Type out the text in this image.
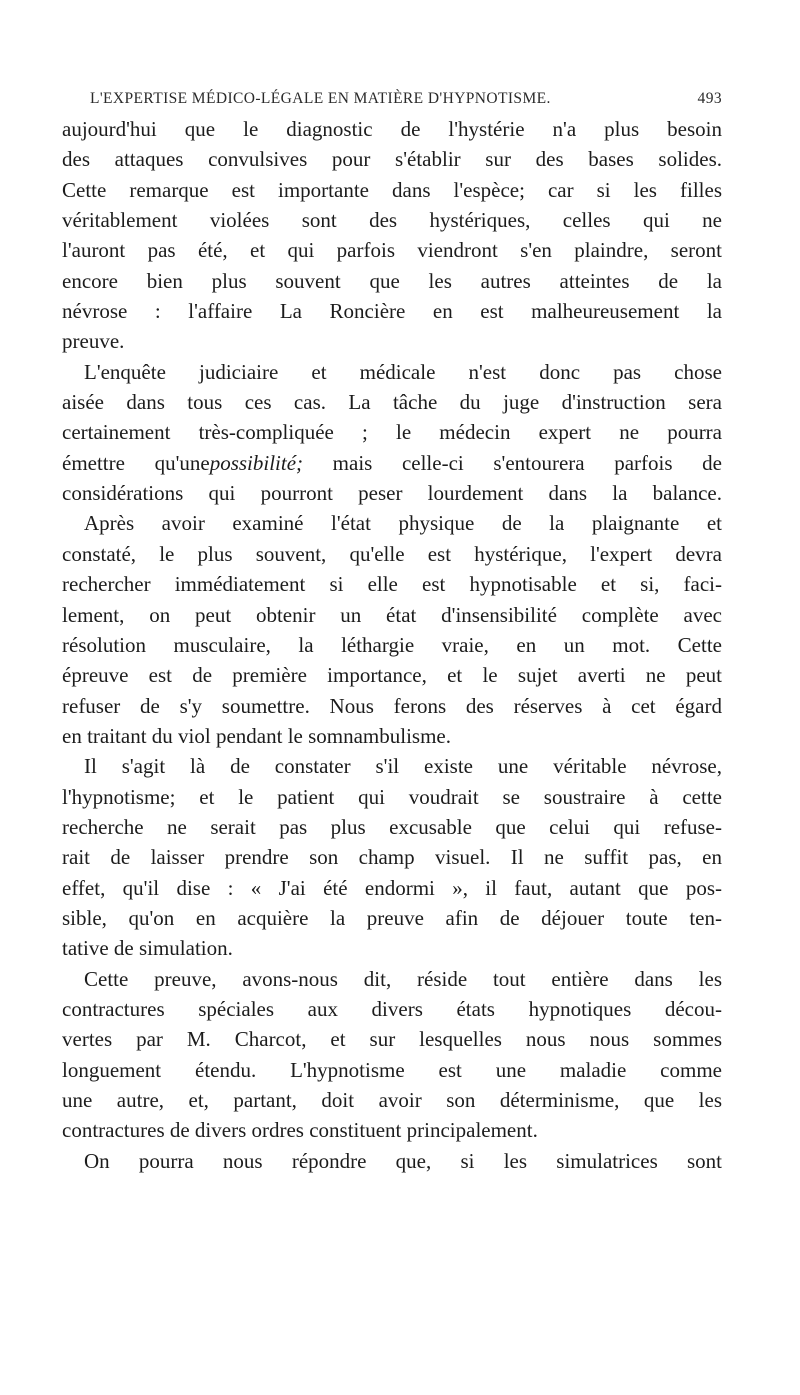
L'EXPERTISE MÉDICO-LÉGALE EN MATIÈRE D'HYPNOTISME.	493
aujourd'hui que le diagnostic de l'hystérie n'a plus besoin
des attaques convulsives pour s'établir sur des bases solides.
Cette remarque est importante dans l'espèce; car si les filles
véritablement violées sont des hystériques, celles qui ne
l'auront pas été, et qui parfois viendront s'en plaindre, seront
encore bien plus souvent que les autres atteintes de la
névrose : l'affaire La Roncière en est malheureusement la
preuve.
L'enquête judiciaire et médicale n'est donc pas chose
aisée dans tous ces cas. La tâche du juge d'instruction sera
certainement très-compliquée ; le médecin expert ne pourra
émettre qu'unepossibilité; mais celle-ci s'entourera parfois de
considérations qui pourront peser lourdement dans la balance.
Après avoir examiné l'état physique de la plaignante et
constaté, le plus souvent, qu'elle est hystérique, l'expert devra
rechercher immédiatement si elle est hypnotisable et si, faci-
lement, on peut obtenir un état d'insensibilité complète avec
résolution musculaire, la léthargie vraie, en un mot. Cette
épreuve est de première importance, et le sujet averti ne peut
refuser de s'y soumettre. Nous ferons des réserves à cet égard
en traitant du viol pendant le somnambulisme.
Il s'agit là de constater s'il existe une véritable névrose,
l'hypnotisme; et le patient qui voudrait se soustraire à cette
recherche ne serait pas plus excusable que celui qui refuse-
rait de laisser prendre son champ visuel. Il ne suffit pas, en
effet, qu'il dise : « J'ai été endormi », il faut, autant que pos-
sible, qu'on en acquière la preuve afin de déjouer toute ten-
tative de simulation.
Cette preuve, avons-nous dit, réside tout entière dans les
contractures spéciales aux divers états hypnotiques décou-
vertes par M. Charcot, et sur lesquelles nous nous sommes
longuement étendu. L'hypnotisme est une maladie comme
une autre, et, partant, doit avoir son déterminisme, que les
contractures de divers ordres constituent principalement.
On pourra nous répondre que, si les simulatrices sont
